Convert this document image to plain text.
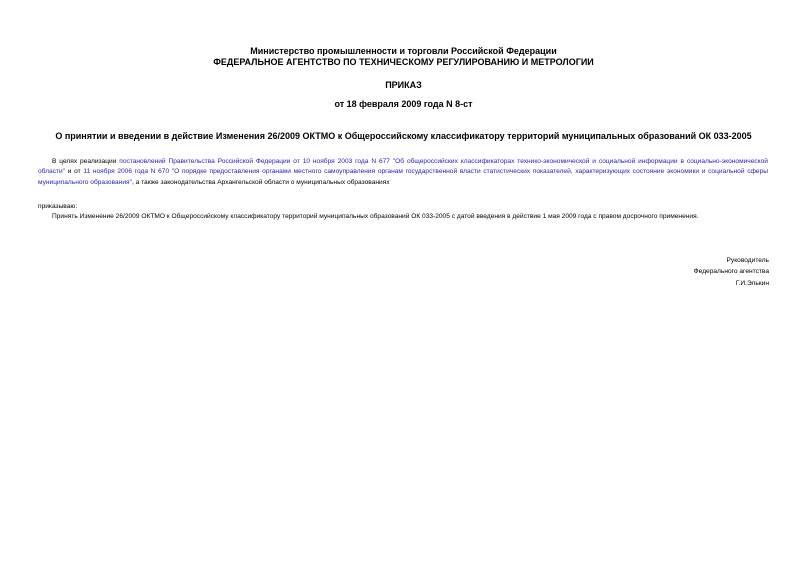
Министерство промышленности и торговли Российской Федерации
ФЕДЕРАЛЬНОЕ АГЕНТСТВО ПО ТЕХНИЧЕСКОМУ РЕГУЛИРОВАНИЮ И МЕТРОЛОГИИ
ПРИКАЗ
от 18 февраля 2009 года N 8-ст
О принятии и введении в действие Изменения 26/2009 ОКТМО к Общероссийскому классификатору территорий муниципальных образований ОК 033-2005
В целях реализации постановлений Правительства Российской Федерации от 10 ноября 2003 года N 677 "Об общероссийских классификаторах технико-экономической и социальной информации в социально-экономической области" и от 11 ноября 2006 года N 670 "О порядке предоставления органами местного самоуправления органам государственной власти статистических показателей, характеризующих состояние экономики и социальной сферы муниципального образования", а также законодательства Архангельской области о муниципальных образованиях
приказываю:
Принять Изменение 26/2009 ОКТМО к Общероссийскому классификатору территорий муниципальных образований ОК 033-2005 с датой введения в действие 1 мая 2009 года с правом досрочного применения.
Руководитель
Федерального агентства
Г.И.Элькин
